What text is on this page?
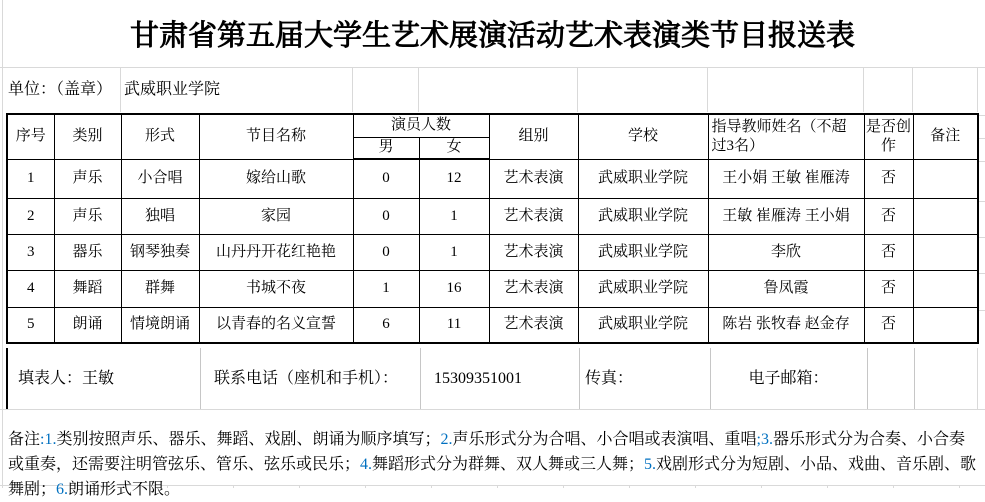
甘肃省第五届大学生艺术展演活动艺术表演类节目报送表
单位：（盖章） 武威职业学院
序号	类别	形式	节目名称	演员人数		组别	学校	指导教师姓名（不超过3名）	是否创作	备注
				男	女					
1	声乐	小合唱	嫁给山歌	0	12	艺术表演	武威职业学院	王小娟 王敏 崔雁涛	否	
2	声乐	独唱	家园	0	1	艺术表演	武威职业学院	王敏 崔雁涛 王小娟	否	
3	器乐	钢琴独奏	山丹丹开花红艳艳	0	1	艺术表演	武威职业学院	李欣	否	
4	舞蹈	群舞	书城不夜	1	16	艺术表演	武威职业学院	鲁凤霞	否	
5	朗诵	情境朗诵	以青春的名义宣誓	6	11	艺术表演	武威职业学院	陈岩 张牧春 赵金存	否	
填表人：王敏	联系电话（座机和手机）：	15309351001	传真：	电子邮箱：

备注:1.类别按照声乐、器乐、舞蹈、戏剧、朗诵为顺序填写；2.声乐形式分为合唱、小合唱或表演唱、重唱;3.器乐形式分为合奏、小合奏或重奏，还需要注明管弦乐、管乐、弦乐或民乐；4.舞蹈形式分为群舞、双人舞或三人舞；5.戏剧形式分为短剧、小品、戏曲、音乐剧、歌舞剧；6.朗诵形式不限。
